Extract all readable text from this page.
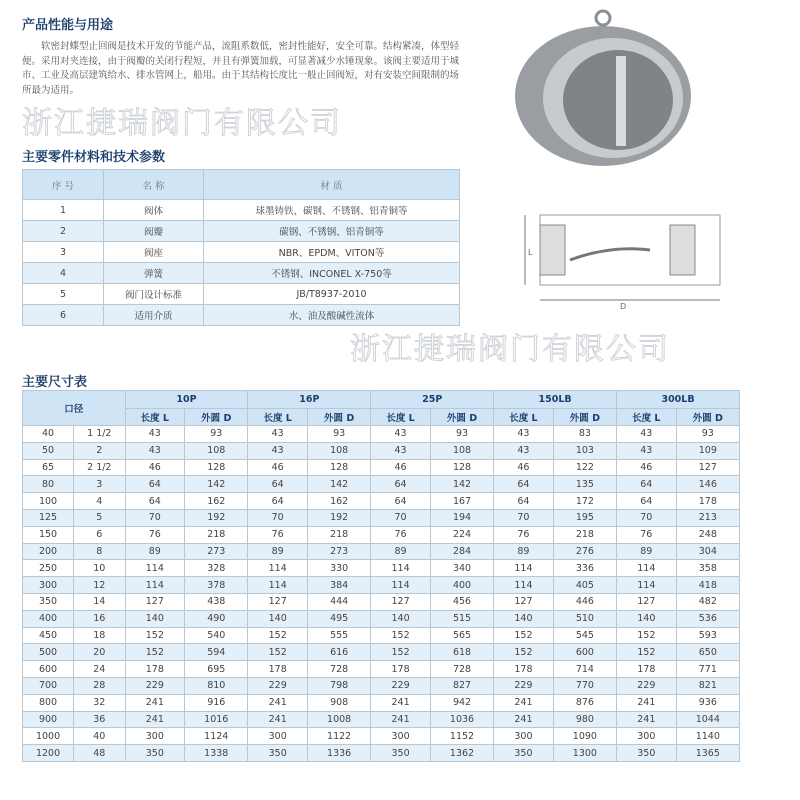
产品性能与用途

软密封蝶型止回阀是技术开发的节能产品，流阻系数低，密封性能好，安全可靠。结构紧凑，体型轻便。采用对夹连接，由于阀瓣的关闭行程短，并且有弹簧加载，可显著减少水锤现象。该阀主要适用于城市、工业及高层建筑给水、排水管网上，船用。由于其结构长度比一般止回阀短，对有安装空间限制的场所最为适用。

L
D
浙江捷瑞阀门有限公司
主要零件材料和技术参数
序 号	名 称	材 质
1	阀体	球墨铸铁、碳钢、不锈钢、铝青铜等
2	阀瓣	碳钢、不锈钢、铝青铜等
3	阀座	NBR、EPDM、VITON等
4	弹簧	不锈钢、INCONEL X-750等
5	阀门设计标准	JB/T8937-2010
6	适用介质	水、油及酸碱性流体
浙江捷瑞阀门有限公司
主要尺寸表
口径		10P		16P		25P		150LB		300LB	
		长度 L	外圆 D	长度 L	外圆 D	长度 L	外圆 D	长度 L	外圆 D	长度 L	外圆 D
40	1 1/2	43	93	43	93	43	93	43	83	43	93
50	2	43	108	43	108	43	108	43	103	43	109
65	2 1/2	46	128	46	128	46	128	46	122	46	127
80	3	64	142	64	142	64	142	64	135	64	146
100	4	64	162	64	162	64	167	64	172	64	178
125	5	70	192	70	192	70	194	70	195	70	213
150	6	76	218	76	218	76	224	76	218	76	248
200	8	89	273	89	273	89	284	89	276	89	304
250	10	114	328	114	330	114	340	114	336	114	358
300	12	114	378	114	384	114	400	114	405	114	418
350	14	127	438	127	444	127	456	127	446	127	482
400	16	140	490	140	495	140	515	140	510	140	536
450	18	152	540	152	555	152	565	152	545	152	593
500	20	152	594	152	616	152	618	152	600	152	650
600	24	178	695	178	728	178	728	178	714	178	771
700	28	229	810	229	798	229	827	229	770	229	821
800	32	241	916	241	908	241	942	241	876	241	936
900	36	241	1016	241	1008	241	1036	241	980	241	1044
1000	40	300	1124	300	1122	300	1152	300	1090	300	1140
1200	48	350	1338	350	1336	350	1362	350	1300	350	1365
